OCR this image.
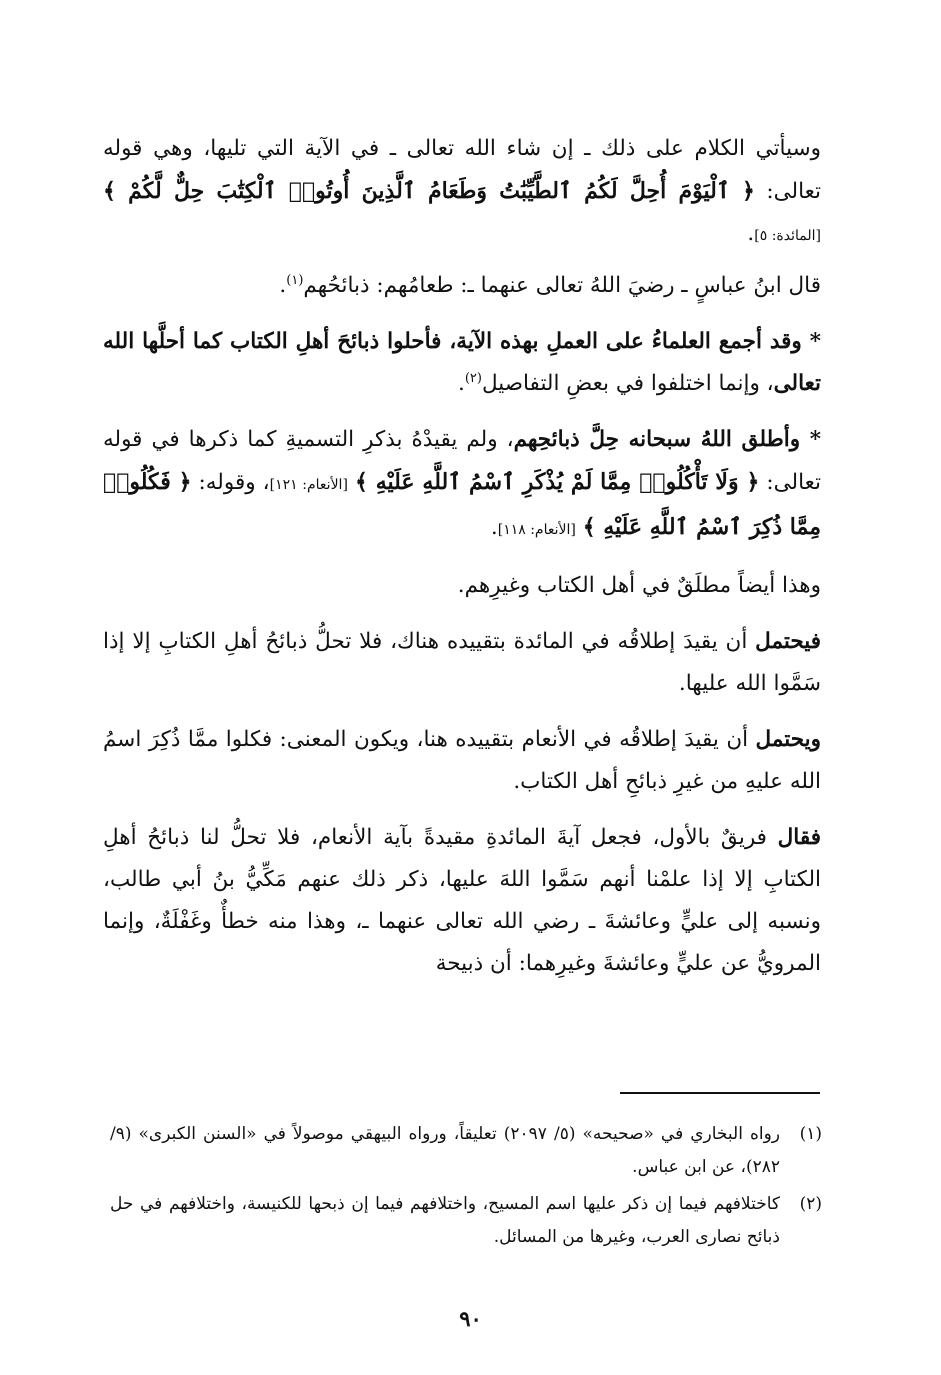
وسيأتي الكلام على ذلك ـ إن شاء الله تعالى ـ في الآية التي تليها، وهي قوله تعالى: ﴿ ٱلْيَوْمَ أُحِلَّ لَكُمُ ٱلطَّيِّبَٰتُ وَطَعَامُ ٱلَّذِينَ أُوتُوا۟ ٱلْكِتَٰبَ حِلٌّ لَّكُمْ ﴾ [المائدة: ٥].

قال ابنُ عباسٍ ـ رضيَ اللهُ تعالى عنهما ـ: طعامُهم: ذبائحُهم$^{(١)}$.

* وقد أجمع العلماءُ على العملِ بهذه الآية، فأحلوا ذبائحَ أهلِ الكتاب كما أحلَّها الله تعالى، وإنما اختلفوا في بعضِ التفاصيل$^{(٢)}$.

* وأطلق اللهُ سبحانه حِلَّ ذبائحِهم، ولم يقيدْهُ بذكرِ التسميةِ كما ذكرها في قوله تعالى: ﴿ وَلَا تَأْكُلُوا۟ مِمَّا لَمْ يُذْكَرِ ٱسْمُ ٱللَّهِ عَلَيْهِ ﴾ [الأنعام: ١٢١]، وقوله: ﴿ فَكُلُوا۟ مِمَّا ذُكِرَ ٱسْمُ ٱللَّهِ عَلَيْهِ ﴾ [الأنعام: ١١٨].

وهذا أيضاً مطلَقٌ في أهل الكتاب وغيرِهم.

فيحتمل أن يقيدَ إطلاقُه في المائدة بتقييده هناك، فلا تحلُّ ذبائحُ أهلِ الكتابِ إلا إذا سَمَّوا الله عليها.

ويحتمل أن يقيدَ إطلاقُه في الأنعام بتقييده هنا، ويكون المعنى: فكلوا ممَّا ذُكِرَ اسمُ الله عليهِ من غيرِ ذبائحِ أهل الكتاب.

فقال فريقٌ بالأول، فجعل آيةَ المائدةِ مقيدةً بآية الأنعام، فلا تحلُّ لنا ذبائحُ أهلِ الكتابِ إلا إذا علمْنا أنهم سَمَّوا اللهَ عليها، ذكر ذلك عنهم مَكِّيُّ بنُ أبي طالب، ونسبه إلى عليٍّ وعائشةَ ـ رضي الله تعالى عنهما ـ، وهذا منه خطأٌ وغَفْلَةٌ، وإنما المرويُّ عن عليٍّ وعائشةَ وغيرِهما: أن ذبيحة

(١)
رواه البخاري في «صحيحه» (٥/ ٢٠٩٧) تعليقاً، ورواه البيهقي موصولاً في «السنن الكبرى» (٩/ ٢٨٢)، عن ابن عباس.
(٢)
كاختلافهم فيما إن ذكر عليها اسم المسيح، واختلافهم فيما إن ذبحها للكنيسة، واختلافهم في حل ذبائح نصارى العرب، وغيرها من المسائل.
٩٠
